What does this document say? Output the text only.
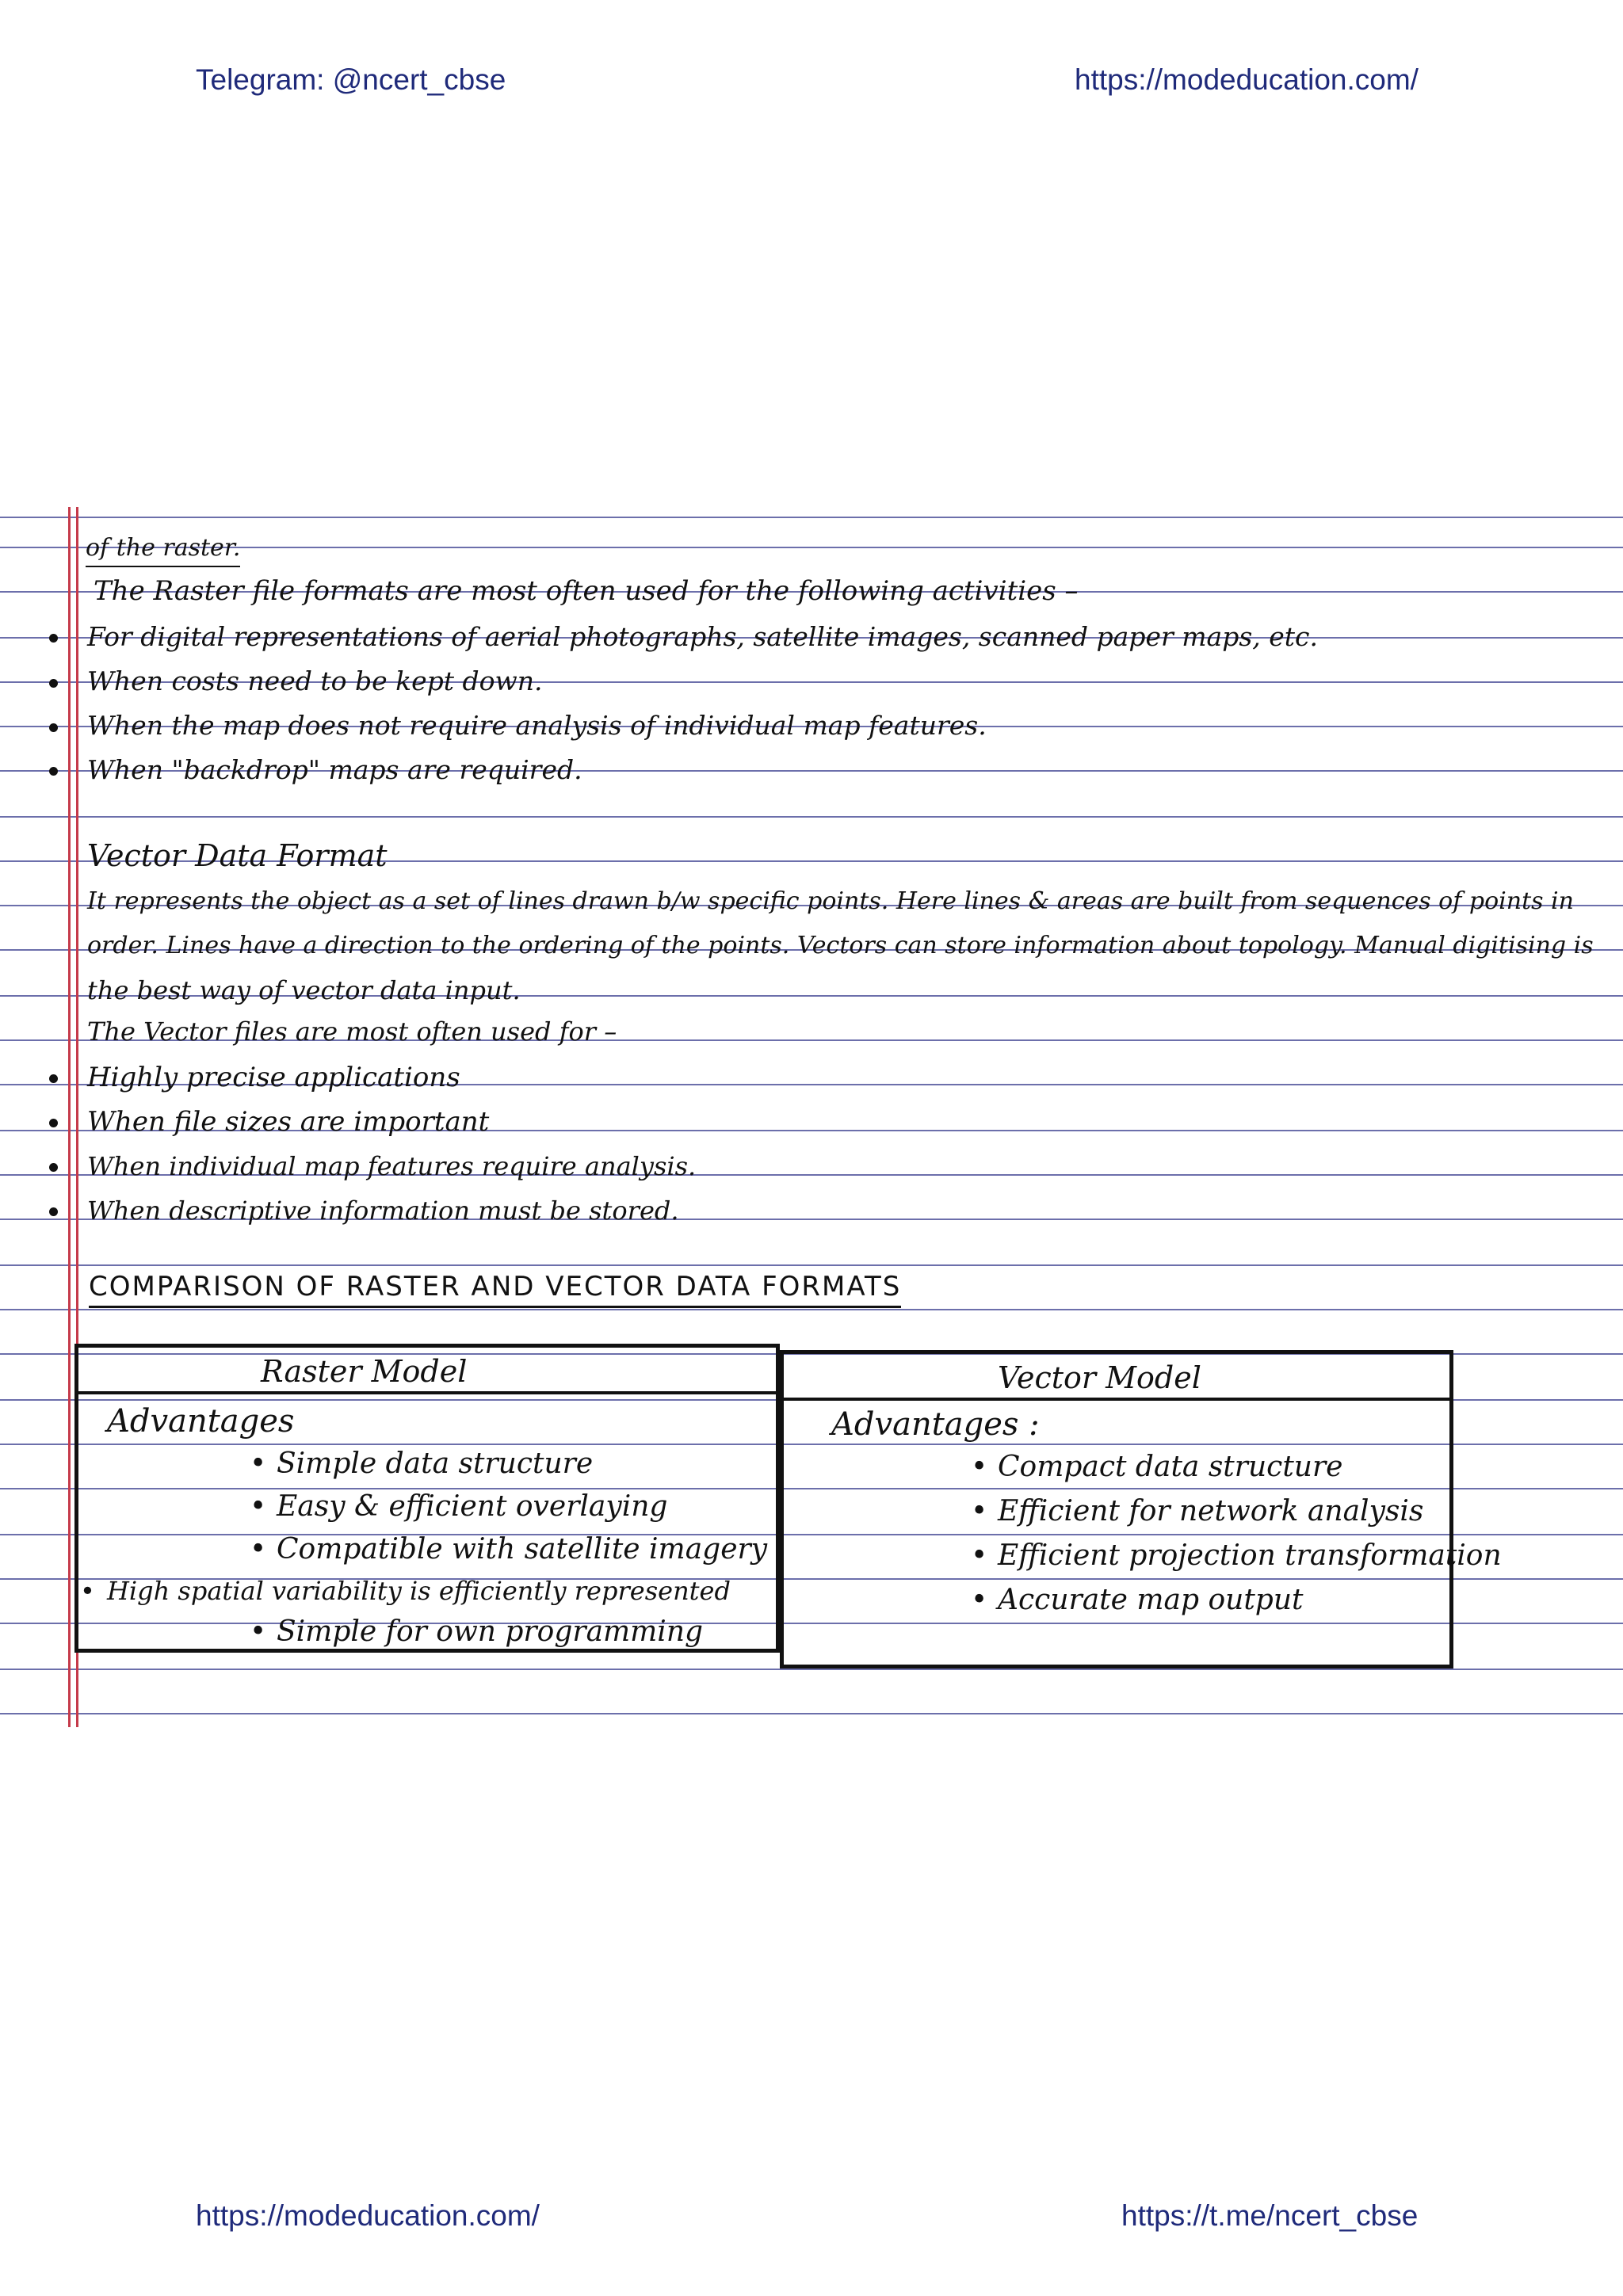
Telegram: @ncert_cbse	https://modeducation.com/
of the raster.
The Raster file formats are most often used for the following activities –
For digital representations of aerial photographs, satellite images, scanned paper maps, etc.
When costs need to be kept down.
When the map does not require analysis of individual map features.
When "backdrop" maps are required.
Vector Data Format
It represents the object as a set of lines drawn b/w specific points. Here lines & areas are built from sequences of points in
order. Lines have a direction to the ordering of the points. Vectors can store information about topology. Manual digitising is
the best way of vector data input.
The Vector files are most often used for –
Highly precise applications
When file sizes are important
When individual map features require analysis.
When descriptive information must be stored.
COMPARISON OF RASTER AND VECTOR DATA FORMATS
Raster Model
Advantages
• Simple data structure
• Easy & efficient overlaying
• Compatible with satellite imagery
• High spatial variability is efficiently represented
• Simple for own programming
Vector Model
Advantages :
• Compact data structure
• Efficient for network analysis
• Efficient projection transformation
• Accurate map output
https://modeducation.com/	https://t.me/ncert_cbse
